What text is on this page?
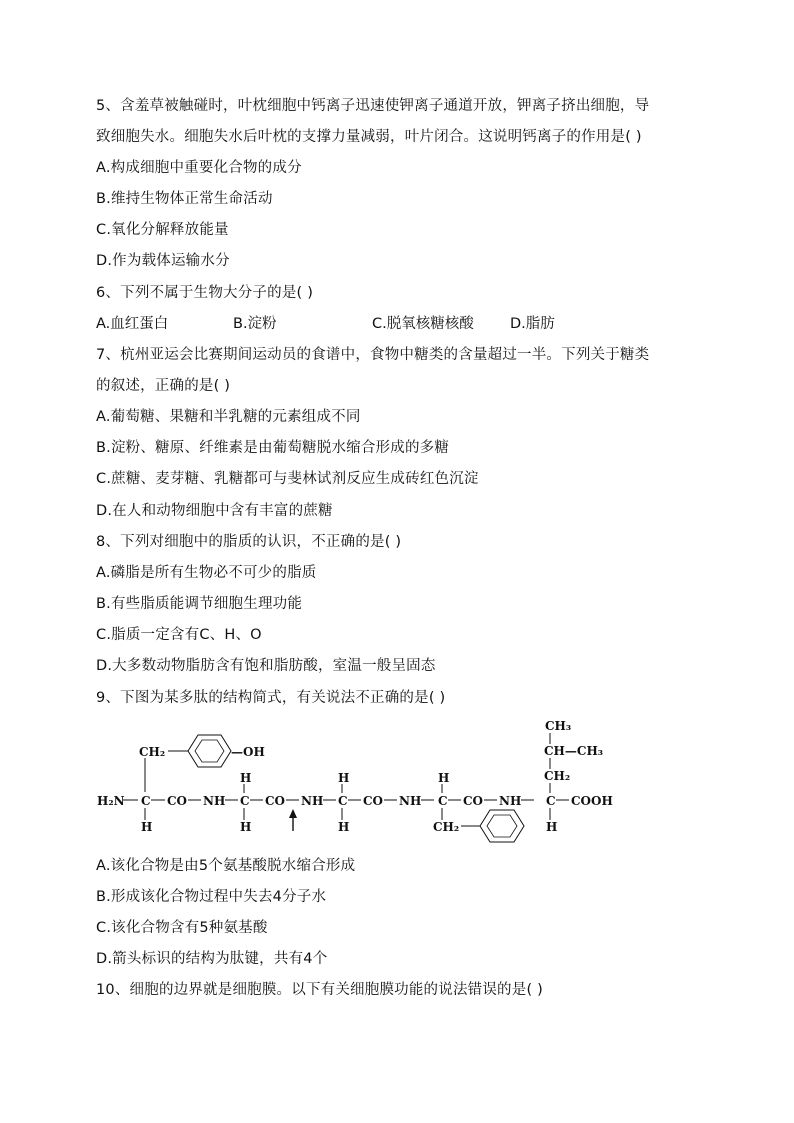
5、含羞草被触碰时，叶枕细胞中钙离子迅速使钾离子通道开放，钾离子挤出细胞，导
致细胞失水。细胞失水后叶枕的支撑力量减弱，叶片闭合。这说明钙离子的作用是( )
A.构成细胞中重要化合物的成分
B.维持生物体正常生命活动
C.氧化分解释放能量
D.作为载体运输水分
6、下列不属于生物大分子的是( )
A.血红蛋白	B.淀粉	C.脱氧核糖核酸	D.脂肪
7、杭州亚运会比赛期间运动员的食谱中，食物中糖类的含量超过一半。下列关于糖类
的叙述，正确的是( )
A.葡萄糖、果糖和半乳糖的元素组成不同
B.淀粉、糖原、纤维素是由葡萄糖脱水缩合形成的多糖
C.蔗糖、麦芽糖、乳糖都可与斐林试剂反应生成砖红色沉淀
D.在人和动物细胞中含有丰富的蔗糖
8、下列对细胞中的脂质的认识，不正确的是( )
A.磷脂是所有生物必不可少的脂质
B.有些脂质能调节细胞生理功能
C.脂质一定含有C、H、O
D.大多数动物脂肪含有饱和脂肪酸，室温一般呈固态
9、下图为某多肽的结构简式，有关说法不正确的是( )
H₂N C CO NH C CO NH C CO NH C CO NH C COOH
CH₂	—OH
H
H
H
H
H
H
CH₂
CH₃
CH—CH₃
CH₂
H
A.该化合物是由5个氨基酸脱水缩合形成
B.形成该化合物过程中失去4分子水
C.该化合物含有5种氨基酸
D.箭头标识的结构为肽键，共有4个
10、细胞的边界就是细胞膜。以下有关细胞膜功能的说法错误的是( )
